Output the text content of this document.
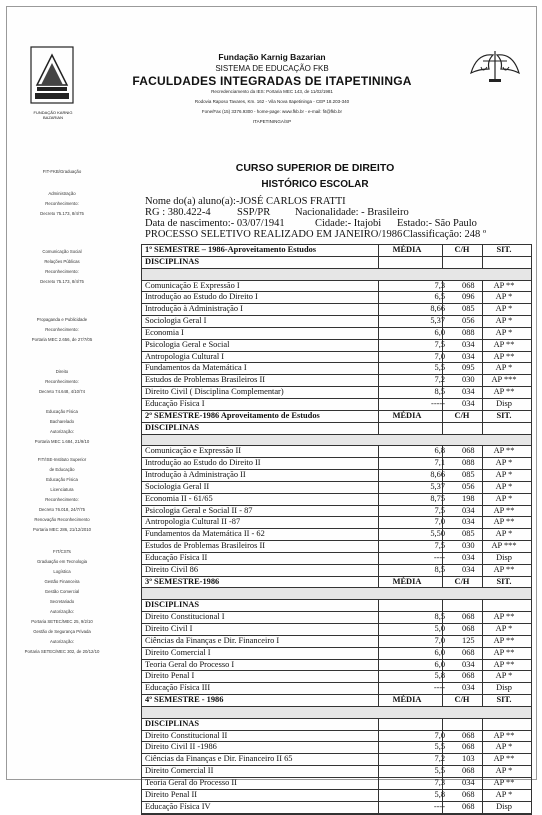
FUNDAÇÃO KARNIG BAZARIAN
Fundação Karnig Bazarian
SISTEMA DE EDUCAÇÃO FKB
FACULDADES INTEGRADAS DE ITAPETININGA
Recredenciamento da IES: Portaria MEC 143, de 11/02/1981
Rodovia Raposo Tavares, Km. 162 - Vila Nova Itapetininga - CEP 18.203-340
Fone/Fax (15) 3376.9300 - home-page: www.fkb.br - e-mail: fit@fkb.br
ITAPETININGA/SP
FIT-FKB/Graduação
Administração
Reconhecimento:
Decreto 75.173, 8/4/75
Comunicação Social
Relações Públicas
Reconhecimento:
Decreto 75.173, 8/4/75
Propaganda e Publicidade
Reconhecimento:
Portaria MEC 2.656, de 27/7/05
Direito
Reconhecimento:
Decreto 74.648, 4/10/74
Educação Física
Bacharelado
Autorização:
Portaria MEC 1.684, 21/9/10
FIT/ISE-Instituto Superior
de Educação
Educação Física
Licenciatura
Reconhecimento:
Decreto 76.018, 24/7/75
Renovação Reconhecimento
Portaria MEC 286, 21/12/2010
FIT/CSTs
Graduação em Tecnologia
Logística
Gestão Financeira
Gestão Comercial
Secretariado
Autorização:
Portaria SETEC/MEC 25, 9/2/10
Gestão de Segurança Privada
Autorização:
Portaria SETEC/MEC 302, de 20/12/10
CURSO SUPERIOR DE DIREITO
HISTÓRICO ESCOLAR
Nome do(a) aluno(a):-JOSÉ CARLOS FRATTI
RG : 380.422-4	SSP/PR Nacionalidade: - Brasileiro
Data de nascimento:- 03/07/1941	Cidade:- Itajobi Estado:- São Paulo
PROCESSO SELETIVO REALIZADO EM JANEIRO/1986Classificação: 248 º
1º SEMESTRE – 1986-Aproveitamento Estudos	MÉDIA	C/H	SIT.
DISCIPLINAS
Comunicação E Expressão I	7,3 068	AP **
Introdução ao Estudo do Direito I	6,5 096	AP *
Introdução à Administração I	8,66 085	AP *
Sociologia Geral I	5,37 056	AP *
Economia I	6,0 088	AP *
Psicologia Geral e Social	7,5 034	AP **
Antropologia Cultural I	7,0 034	AP **
Fundamentos da Matemática I	5,5 095	AP *
Estudos de Problemas Brasileiros II	7,2 030	AP ***
Direito Civil ( Disciplina Complementar)	8,5 034	AP **
Educação Física I	----- 034	Disp
2º SEMESTRE-1986 Aproveitamento de Estudos	MÉDIA	C/H	SIT.
DISCIPLINAS
Comunicação e Expressão II	6,8 068	AP **
Introdução ao Estudo do Direito II	7,1 088	AP *
Introdução à Administração II	8,66 085	AP *
Sociologia Geral II	5,37 056	AP *
Economia II - 61/65	8,75 198	AP *
Psicologia Geral e Social II - 87	7,5 034	AP **
Antropologia Cultural II -87	7,0 034	AP **
Fundamentos da Matemática II - 62	5,50 085	AP *
Estudos de Problemas Brasileiros II	7,5 030	AP ***
Educação Física II	---- 034	Disp
Direito Civil 86	8,5 034	AP **
3º SEMESTRE-1986	MÉDIA	C/H	SIT.
DISCIPLINAS
Direito Constitucional I	8,5 068	AP **
Direito Civil I	5,0 068	AP *
Ciências da Finanças e Dir. Financeiro I	7,0 125	AP **
Direito Comercial I	6,0 068	AP **
Teoria Geral do Processo I	6,0 034	AP **
Direito Penal I	5,8 068	AP *
Educação Física III	---- 034	Disp
4º SEMESTRE - 1986	MÉDIA	C/H	SIT.
DISCIPLINAS
Direito Constitucional II	7,0 068	AP **
Direito Civil II -1986	5,5 068	AP *
Ciências da Finanças e Dir. Financeiro II 65	7,2 103	AP **
Direito Comercial II	5,5 068	AP *
Teoria Geral do Processo II	7,3 034	AP **
Direito Penal II	5,8 068	AP *
Educação Física IV	---- 068	Disp
